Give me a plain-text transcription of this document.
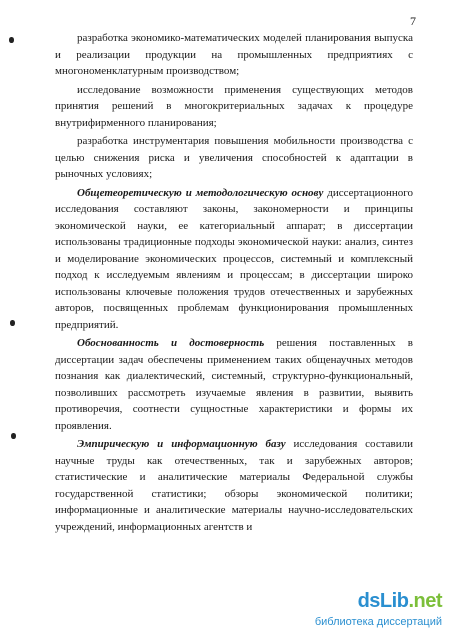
7

разработка экономико-математических моделей планирования выпуска и реализации продукции на промышленных предприятиях с многономенклатурным производством;

исследование возможности применения существующих методов принятия решений в многокритериальных задачах к процедуре внутрифирменного планирования;

разработка инструментария повышения мобильности производства с целью снижения риска и увеличения способностей к адаптации в рыночных условиях;

Общетеоретическую и методологическую основу диссертационного исследования составляют законы, закономерности и принципы экономической науки, ее категориальный аппарат; в диссертации использованы традиционные подходы экономической науки: анализ, синтез и моделирование экономических процессов, системный и комплексный подход к исследуемым явлениям и процессам; в диссертации широко использованы ключевые положения трудов отечественных и зарубежных авторов, посвященных проблемам функционирования промышленных предприятий.

Обоснованность и достоверность решения поставленных в диссертации задач обеспечены применением таких общенаучных методов познания как диалектический, системный, структурно-функциональный, позволивших рассмотреть изучаемые явления в развитии, выявить противоречия, соотнести сущностные характеристики и формы их проявления.

Эмпирическую и информационную базу исследования составили научные труды как отечественных, так и зарубежных авторов; статистические и аналитические материалы Федеральной службы государственной статистики; обзоры экономической политики; информационные и аналитические материалы научно-исследовательских учреждений, информационных агентств и

dsLib.net
библиотека диссертаций
